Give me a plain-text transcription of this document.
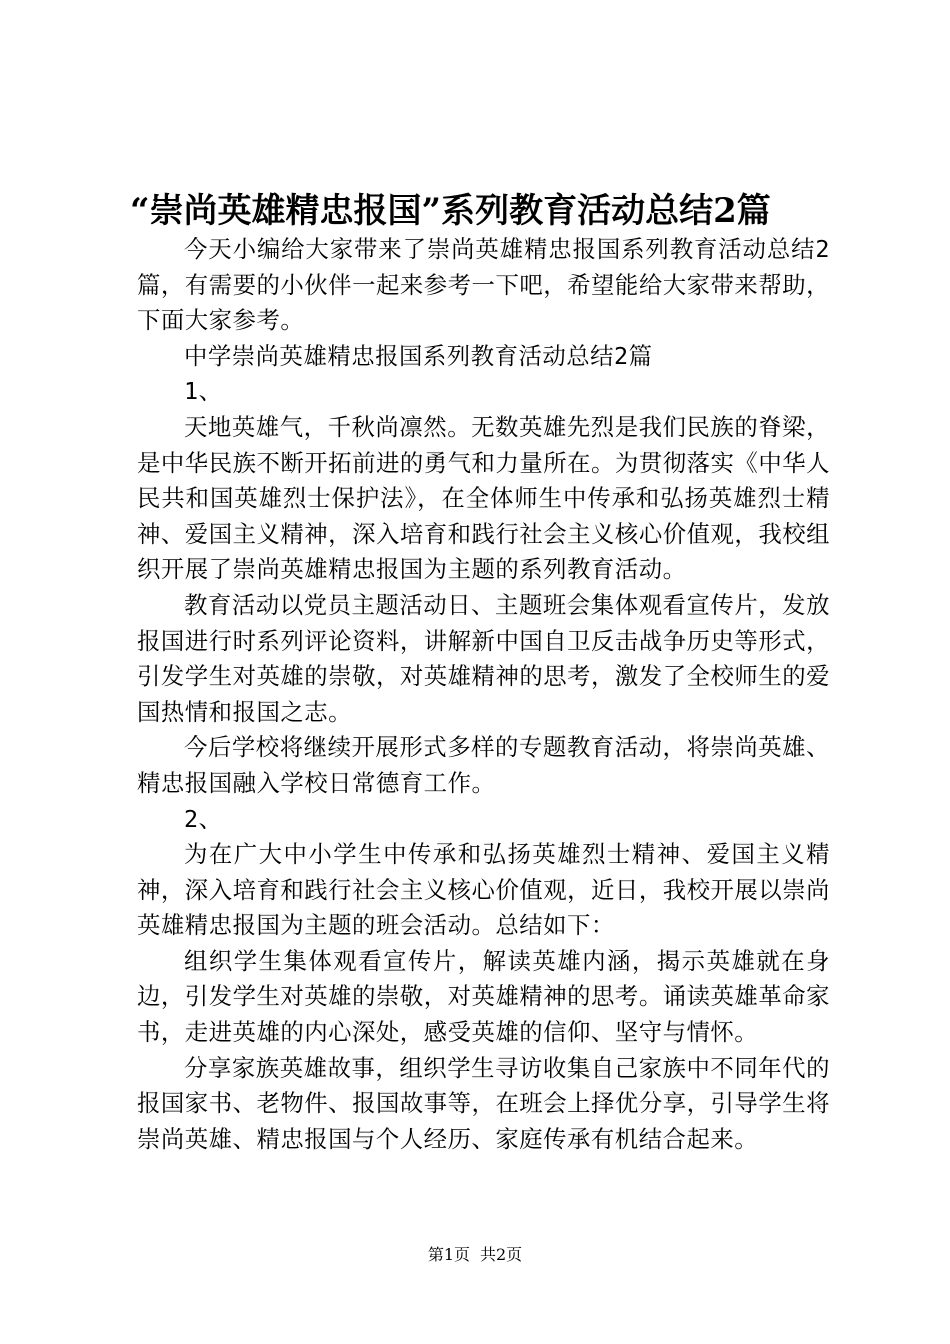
“崇尚英雄精忠报国”系列教育活动总结2篇

今天小编给大家带来了崇尚英雄精忠报国系列教育活动总结2篇，有需要的小伙伴一起来参考一下吧，希望能给大家带来帮助，下面大家参考。

中学崇尚英雄精忠报国系列教育活动总结2篇

1、

天地英雄气，千秋尚凛然。无数英雄先烈是我们民族的脊梁，是中华民族不断开拓前进的勇气和力量所在。为贯彻落实《中华人民共和国英雄烈士保护法》，在全体师生中传承和弘扬英雄烈士精神、爱国主义精神，深入培育和践行社会主义核心价值观，我校组织开展了崇尚英雄精忠报国为主题的系列教育活动。

教育活动以党员主题活动日、主题班会集体观看宣传片，发放报国进行时系列评论资料，讲解新中国自卫反击战争历史等形式，引发学生对英雄的崇敬，对英雄精神的思考，激发了全校师生的爱国热情和报国之志。

今后学校将继续开展形式多样的专题教育活动，将崇尚英雄、精忠报国融入学校日常德育工作。

2、

为在广大中小学生中传承和弘扬英雄烈士精神、爱国主义精神，深入培育和践行社会主义核心价值观，近日，我校开展以崇尚英雄精忠报国为主题的班会活动。总结如下：

组织学生集体观看宣传片，解读英雄内涵，揭示英雄就在身边，引发学生对英雄的崇敬，对英雄精神的思考。诵读英雄革命家书，走进英雄的内心深处，感受英雄的信仰、坚守与情怀。

分享家族英雄故事，组织学生寻访收集自己家族中不同年代的报国家书、老物件、报国故事等，在班会上择优分享，引导学生将崇尚英雄、精忠报国与个人经历、家庭传承有机结合起来。

第1页 共2页
